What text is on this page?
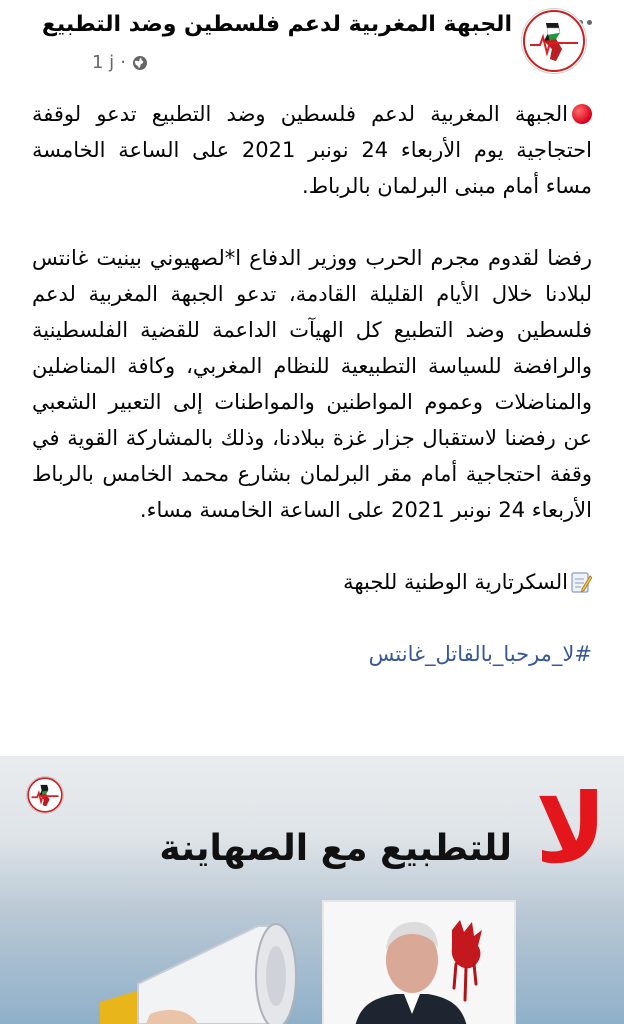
الجبهة المغربية لدعم فلسطين وضد التطبيع
1 j ·

الجبهة المغربية لدعم فلسطين وضد التطبيع تدعو لوقفة احتجاجية يوم الأربعاء 24 نونبر 2021 على الساعة الخامسة مساء أمام مبنى البرلمان بالرباط.

رفضا لقدوم مجرم الحرب ووزير الدفاع ا*لصهيوني بينيت غانتس لبلادنا خلال الأيام القليلة القادمة، تدعو الجبهة المغربية لدعم فلسطين وضد التطبيع كل الهيآت الداعمة للقضية الفلسطينية والرافضة للسياسة التطبيعية للنظام المغربي، وكافة المناضلين والمناضلات وعموم المواطنين والمواطنات إلى التعبير الشعبي عن رفضنا لاستقبال جزار غزة ببلادنا، وذلك بالمشاركة القوية في وقفة احتجاجية أمام مقر البرلمان بشارع محمد الخامس بالرباط الأربعاء 24 نونبر 2021 على الساعة الخامسة مساء.

السكرتارية الوطنية للجبهة

#لا_مرحبا_بالقاتل_غانتس

لا
للتطبيع مع الصهاينة
